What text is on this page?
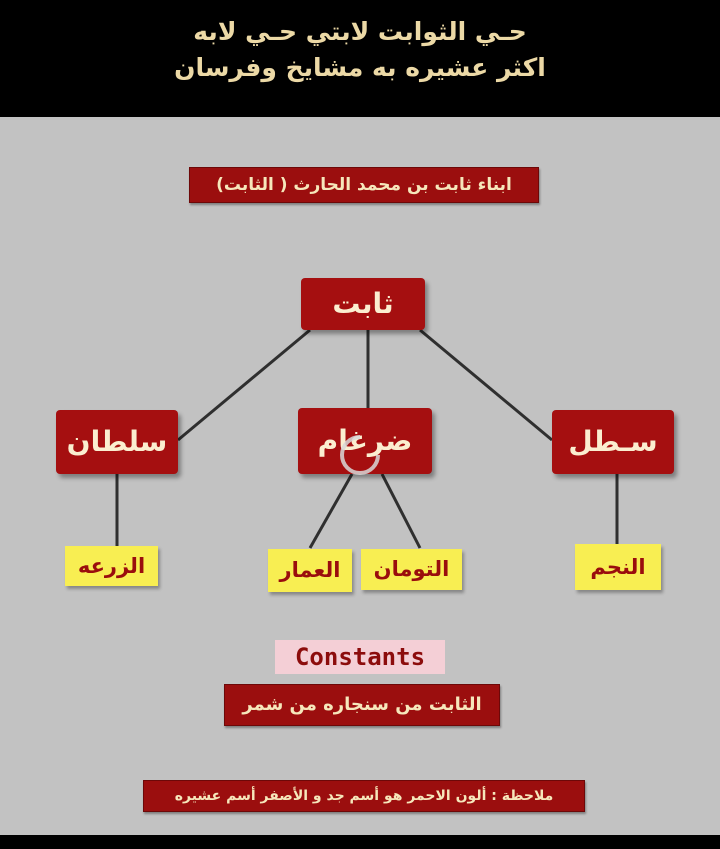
حـي الثوابت لابتي حـي لابه
اكثر عشيره به مشايخ وفرسان
ابناء ثابت بن محمد الحارث ( الثابت)
ثابت
سلطان	ضرغام	سـطل
الزرعه	العمار	التومان	النجم
Constants
الثابت من سنجاره من شمر
ملاحظة : ألون الاحمر هو أسم جد و الأصفر أسم عشيره
